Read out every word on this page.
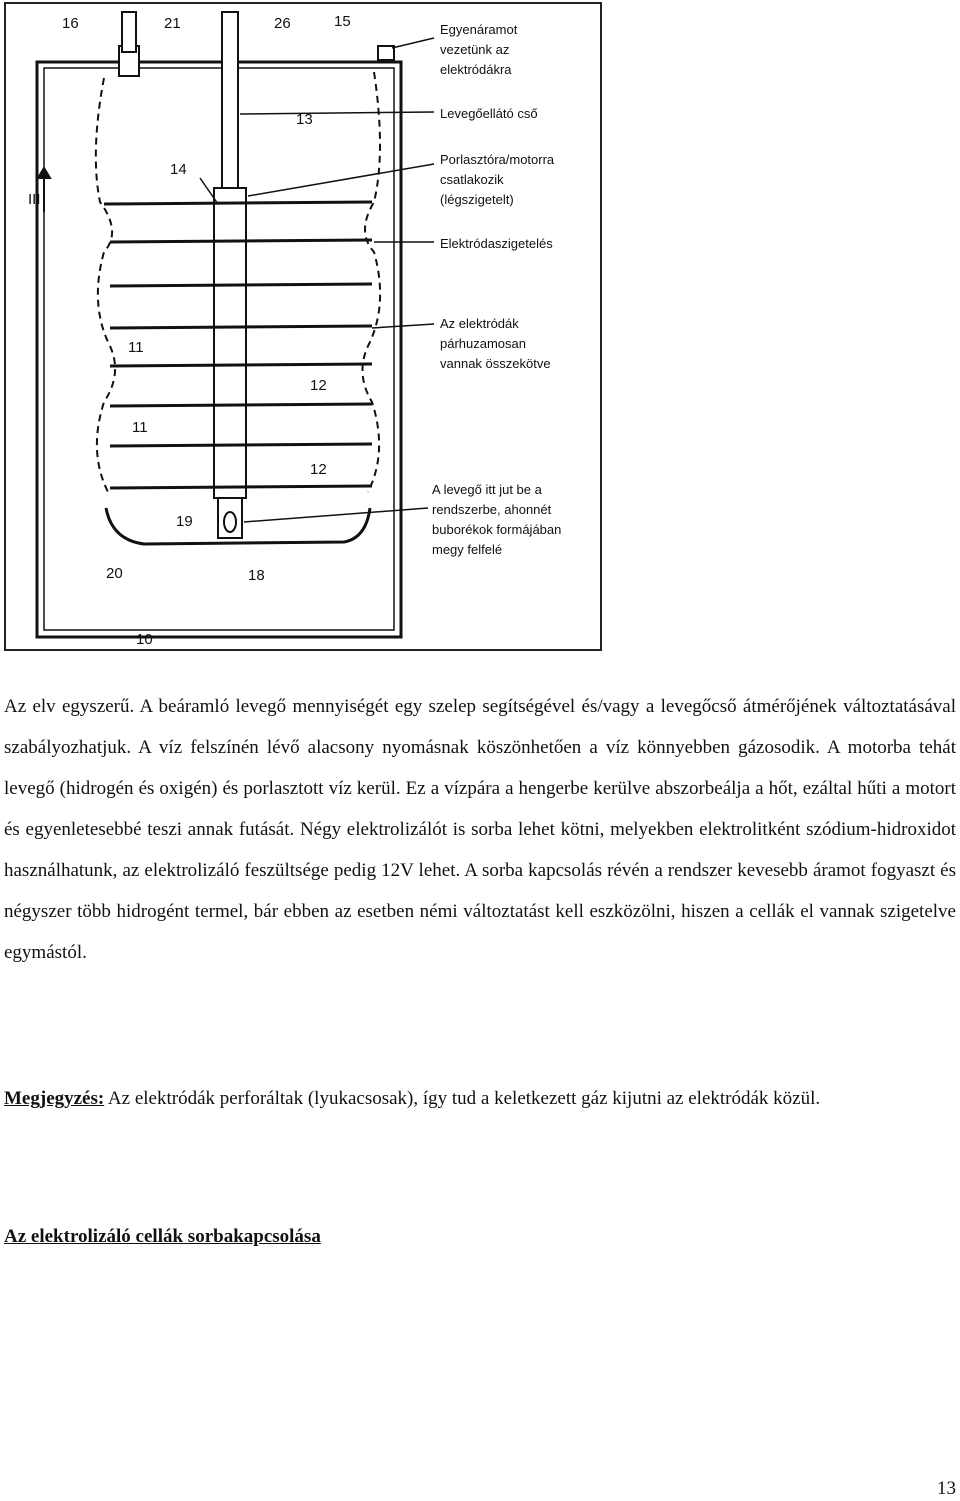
Egyenáramot
vezetünk az
elektródákra
Levegőellátó cső
Porlasztóra/motorra
csatlakozik
(légszigetelt)
Elektródaszigetelés
Az elektródák
párhuzamosan
vannak összekötve
A levegő itt jut be a
rendszerbe, ahonnét
buborékok formájában
megy felfelé
16	21	26	15
13
14
III
11
12
11
12
19
20	18
10

Az elv egyszerű. A beáramló levegő mennyiségét egy szelep segítségével és/vagy a levegőcső átmérőjének változtatásával szabályozhatjuk. A víz felszínén lévő alacsony nyomásnak köszönhetően a víz könnyebben gázosodik. A motorba tehát levegő (hidrogén és oxigén) és porlasztott víz kerül. Ez a vízpára a hengerbe kerülve abszorbeálja a hőt, ezáltal hűti a motort és egyenletesebbé teszi annak futását. Négy elektrolizálót is sorba lehet kötni, melyekben elektrolitként szódium-hidroxidot használhatunk, az elektrolizáló feszültsége pedig 12V lehet. A sorba kapcsolás révén a rendszer kevesebb áramot fogyaszt és négyszer több hidrogént termel, bár ebben az esetben némi változtatást kell eszközölni, hiszen a cellák el vannak szigetelve egymástól.

Megjegyzés: Az elektródák perforáltak (lyukacsosak), így tud a keletkezett gáz kijutni az elektródák közül.

Az elektrolizáló cellák sorbakapcsolása

13
